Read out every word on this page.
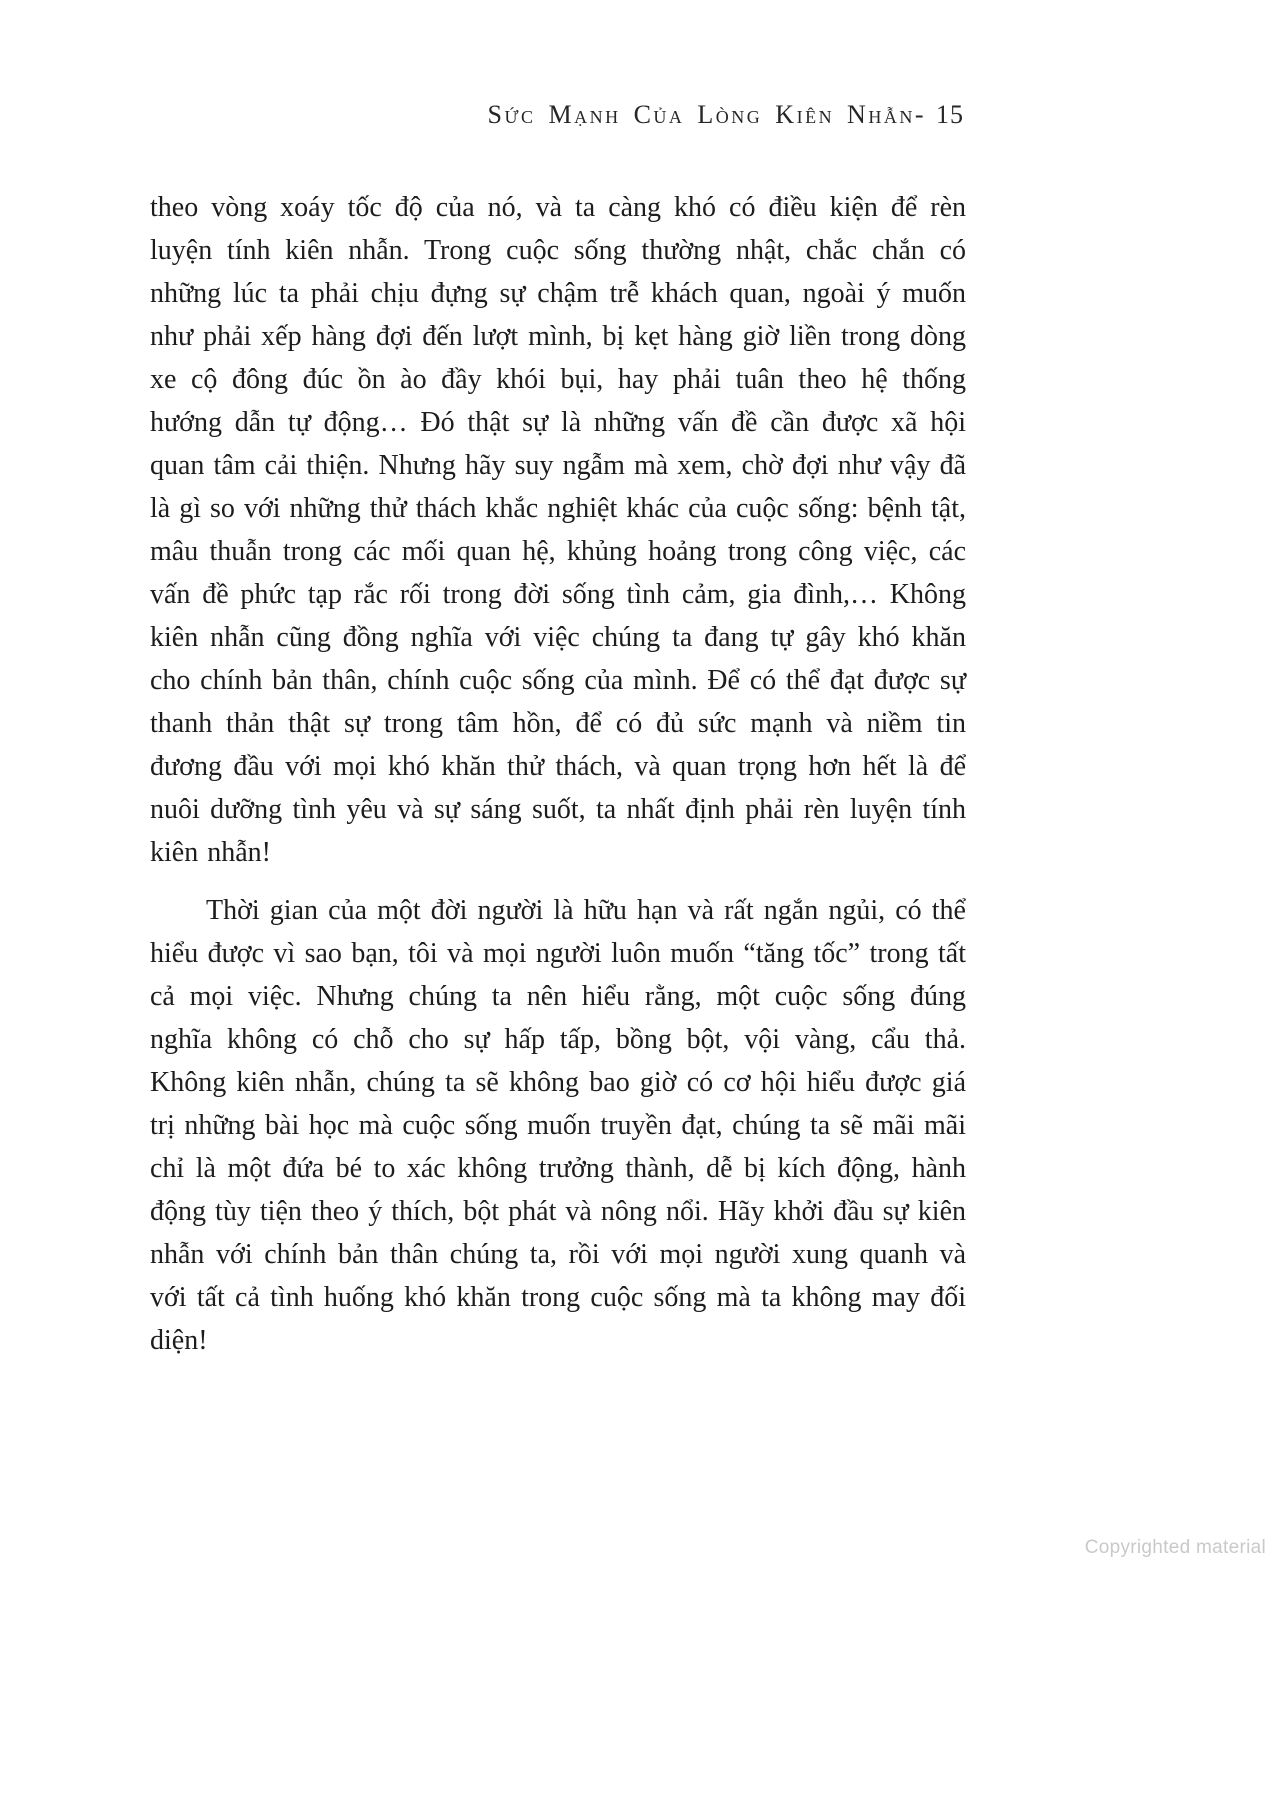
Sức Mạnh Của Lòng Kiên Nhẫn- 15

theo vòng xoáy tốc độ của nó, và ta càng khó có điều kiện để rèn luyện tính kiên nhẫn. Trong cuộc sống thường nhật, chắc chắn có những lúc ta phải chịu đựng sự chậm trễ khách quan, ngoài ý muốn như phải xếp hàng đợi đến lượt mình, bị kẹt hàng giờ liền trong dòng xe cộ đông đúc ồn ào đầy khói bụi, hay phải tuân theo hệ thống hướng dẫn tự động… Đó thật sự là những vấn đề cần được xã hội quan tâm cải thiện. Nhưng hãy suy ngẫm mà xem, chờ đợi như vậy đã là gì so với những thử thách khắc nghiệt khác của cuộc sống: bệnh tật, mâu thuẫn trong các mối quan hệ, khủng hoảng trong công việc, các vấn đề phức tạp rắc rối trong đời sống tình cảm, gia đình,… Không kiên nhẫn cũng đồng nghĩa với việc chúng ta đang tự gây khó khăn cho chính bản thân, chính cuộc sống của mình. Để có thể đạt được sự thanh thản thật sự trong tâm hồn, để có đủ sức mạnh và niềm tin đương đầu với mọi khó khăn thử thách, và quan trọng hơn hết là để nuôi dưỡng tình yêu và sự sáng suốt, ta nhất định phải rèn luyện tính kiên nhẫn!

Thời gian của một đời người là hữu hạn và rất ngắn ngủi, có thể hiểu được vì sao bạn, tôi và mọi người luôn muốn “tăng tốc” trong tất cả mọi việc. Nhưng chúng ta nên hiểu rằng, một cuộc sống đúng nghĩa không có chỗ cho sự hấp tấp, bồng bột, vội vàng, cẩu thả. Không kiên nhẫn, chúng ta sẽ không bao giờ có cơ hội hiểu được giá trị những bài học mà cuộc sống muốn truyền đạt, chúng ta sẽ mãi mãi chỉ là một đứa bé to xác không trưởng thành, dễ bị kích động, hành động tùy tiện theo ý thích, bột phát và nông nổi. Hãy khởi đầu sự kiên nhẫn với chính bản thân chúng ta, rồi với mọi người xung quanh và với tất cả tình huống khó khăn trong cuộc sống mà ta không may đối diện!

Copyrighted material
